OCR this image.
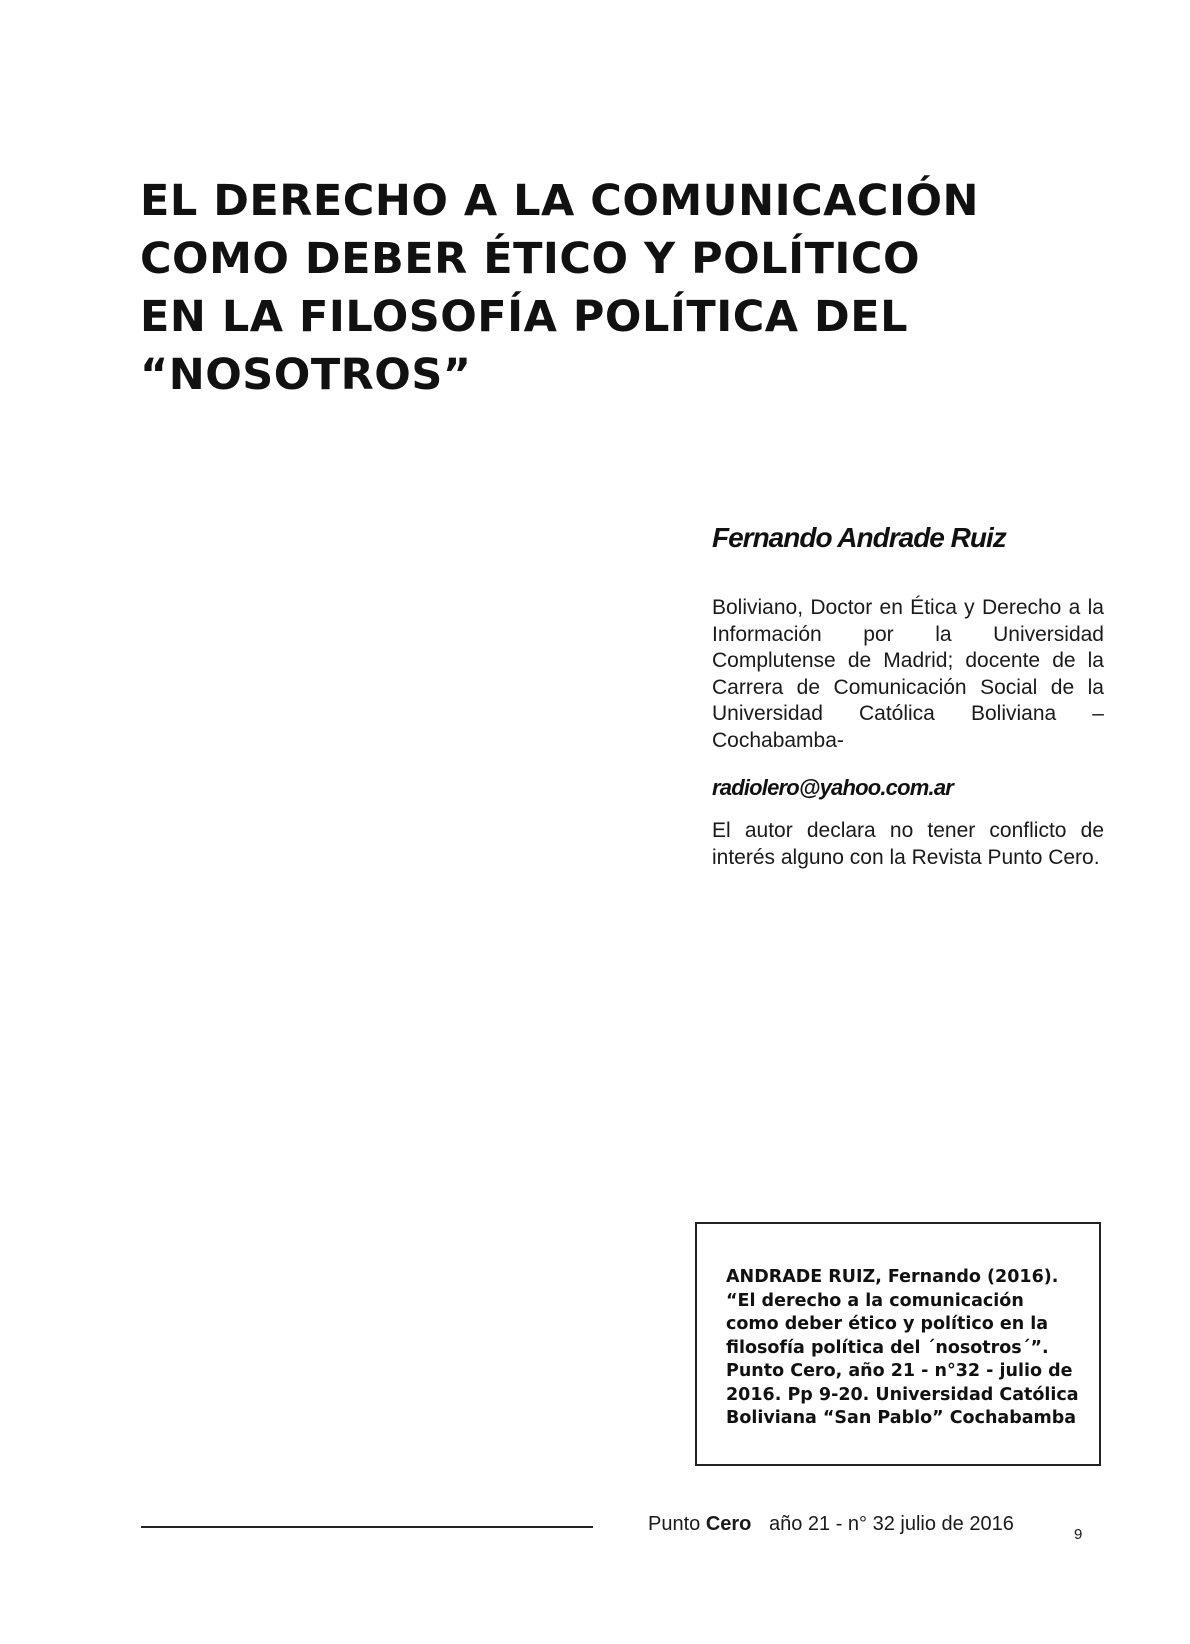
EL DERECHO A LA COMUNICACIÓN
COMO DEBER ÉTICO Y POLÍTICO
EN LA FILOSOFÍA POLÍTICA DEL
“NOSOTROS”

Fernando Andrade Ruiz

Boliviano, Doctor en Ética y Derecho a la Información por la Universidad Complutense de Madrid; docente de la Carrera de Comunicación Social de la Universidad Católica Boliviana – Cochabamba-

radiolero@yahoo.com.ar

El autor declara no tener conflicto de interés alguno con la Revista Punto Cero.

ANDRADE RUIZ, Fernando (2016).
“El derecho a la comunicación
como deber ético y político en la
filosofía política del ´nosotros´”.
Punto Cero, año 21 - n°32 - julio de
2016. Pp 9-20. Universidad Católica
Boliviana “San Pablo” Cochabamba

Punto Cero año 21 - n° 32 julio de 2016	9
